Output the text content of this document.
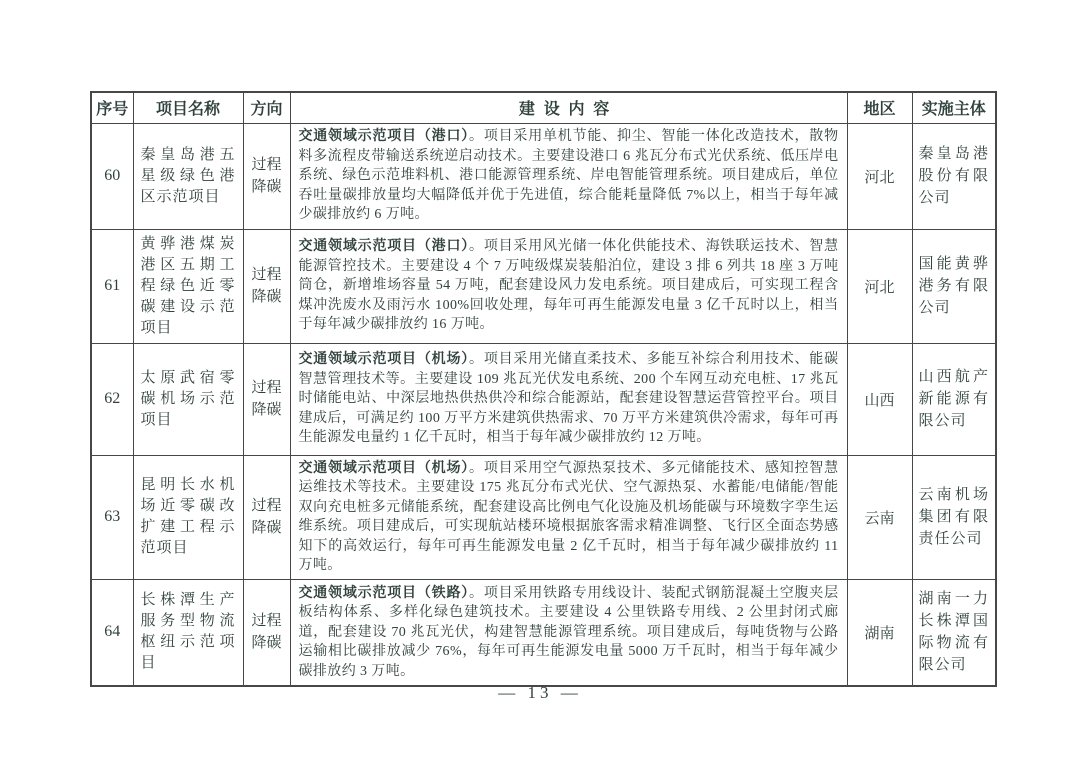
序号	项目名称	方向	建设内容	地区	实施主体
60	秦皇岛港五星级绿色港区示范项目	过程降碳	交通领域示范项目（港口）。项目采用单机节能、抑尘、智能一体化改造技术，散物料多流程皮带输送系统逆启动技术。主要建设港口 6 兆瓦分布式光伏系统、低压岸电系统、绿色示范堆料机、港口能源管理系统、岸电智能管理系统。项目建成后，单位吞吐量碳排放量均大幅降低并优于先进值，综合能耗量降低 7%以上，相当于每年减少碳排放约 6 万吨。	河北	秦皇岛港股份有限公司
61	黄骅港煤炭港区五期工程绿色近零碳建设示范项目	过程降碳	交通领域示范项目（港口）。项目采用风光储一体化供能技术、海铁联运技术、智慧能源管控技术。主要建设 4 个 7 万吨级煤炭装船泊位，建设 3 排 6 列共 18 座 3 万吨筒仓，新增堆场容量 54 万吨，配套建设风力发电系统。项目建成后，可实现工程含煤冲洗废水及雨污水 100%回收处理，每年可再生能源发电量 3 亿千瓦时以上，相当于每年减少碳排放约 16 万吨。	河北	国能黄骅港务有限公司
62	太原武宿零碳机场示范项目	过程降碳	交通领域示范项目（机场）。项目采用光储直柔技术、多能互补综合利用技术、能碳智慧管理技术等。主要建设 109 兆瓦光伏发电系统、200 个车网互动充电桩、17 兆瓦时储能电站、中深层地热供热供冷和综合能源站，配套建设智慧运营管控平台。项目建成后，可满足约 100 万平方米建筑供热需求、70 万平方米建筑供冷需求，每年可再生能源发电量约 1 亿千瓦时，相当于每年减少碳排放约 12 万吨。	山西	山西航产新能源有限公司
63	昆明长水机场近零碳改扩建工程示范项目	过程降碳	交通领域示范项目（机场）。项目采用空气源热泵技术、多元储能技术、感知控智慧运维技术等技术。主要建设 175 兆瓦分布式光伏、空气源热泵、水蓄能/电储能/智能双向充电桩多元储能系统，配套建设高比例电气化设施及机场能碳与环境数字孪生运维系统。项目建成后，可实现航站楼环境根据旅客需求精准调整、飞行区全面态势感知下的高效运行，每年可再生能源发电量 2 亿千瓦时，相当于每年减少碳排放约 11 万吨。	云南	云南机场集团有限责任公司
64	长株潭生产服务型物流枢纽示范项目	过程降碳	交通领域示范项目（铁路）。项目采用铁路专用线设计、装配式钢筋混凝土空腹夹层板结构体系、多样化绿色建筑技术。主要建设 4 公里铁路专用线、2 公里封闭式廊道，配套建设 70 兆瓦光伏，构建智慧能源管理系统。项目建成后，每吨货物与公路运输相比碳排放减少 76%，每年可再生能源发电量 5000 万千瓦时，相当于每年减少碳排放约 3 万吨。	湖南	湖南一力长株潭国际物流有限公司
— 13 —
